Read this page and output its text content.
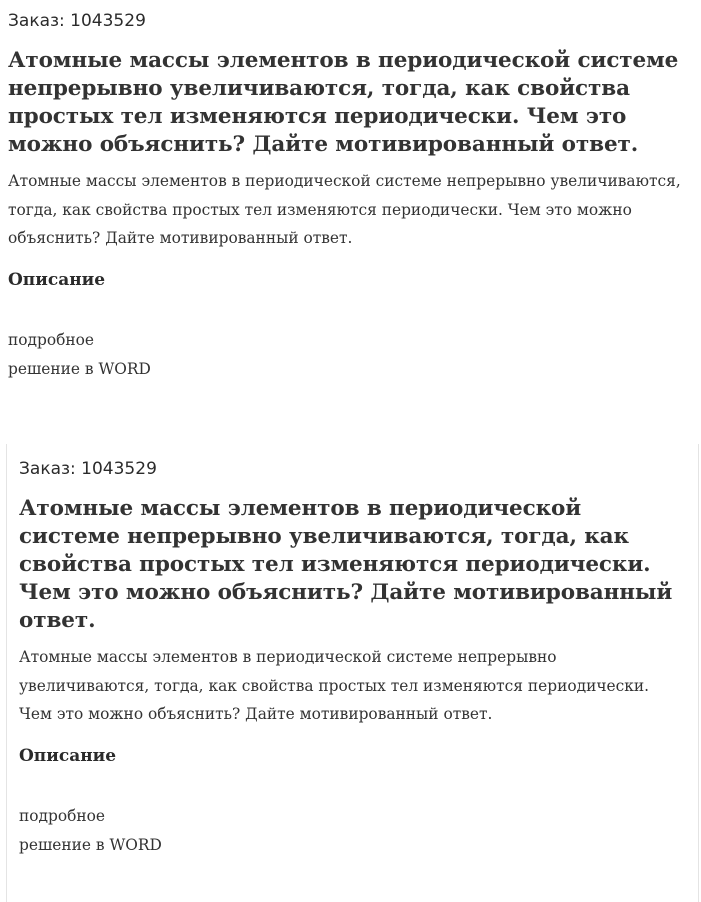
Заказ: 1043529
Атомные массы элементов в периодической системе непрерывно увеличиваются, тогда, как свойства простых тел изменяются периодически. Чем это можно объяснить? Дайте мотивированный ответ.
Атомные массы элементов в периодической системе непрерывно увеличиваются, тогда, как свойства простых тел изменяются периодически. Чем это можно объяснить? Дайте мотивированный ответ.
Описание
подробное
решение в WORD
Заказ: 1043529
Атомные массы элементов в периодической системе непрерывно увеличиваются, тогда, как свойства простых тел изменяются периодически. Чем это можно объяснить? Дайте мотивированный ответ.
Атомные массы элементов в периодической системе непрерывно увеличиваются, тогда, как свойства простых тел изменяются периодически. Чем это можно объяснить? Дайте мотивированный ответ.
Описание
подробное
решение в WORD
